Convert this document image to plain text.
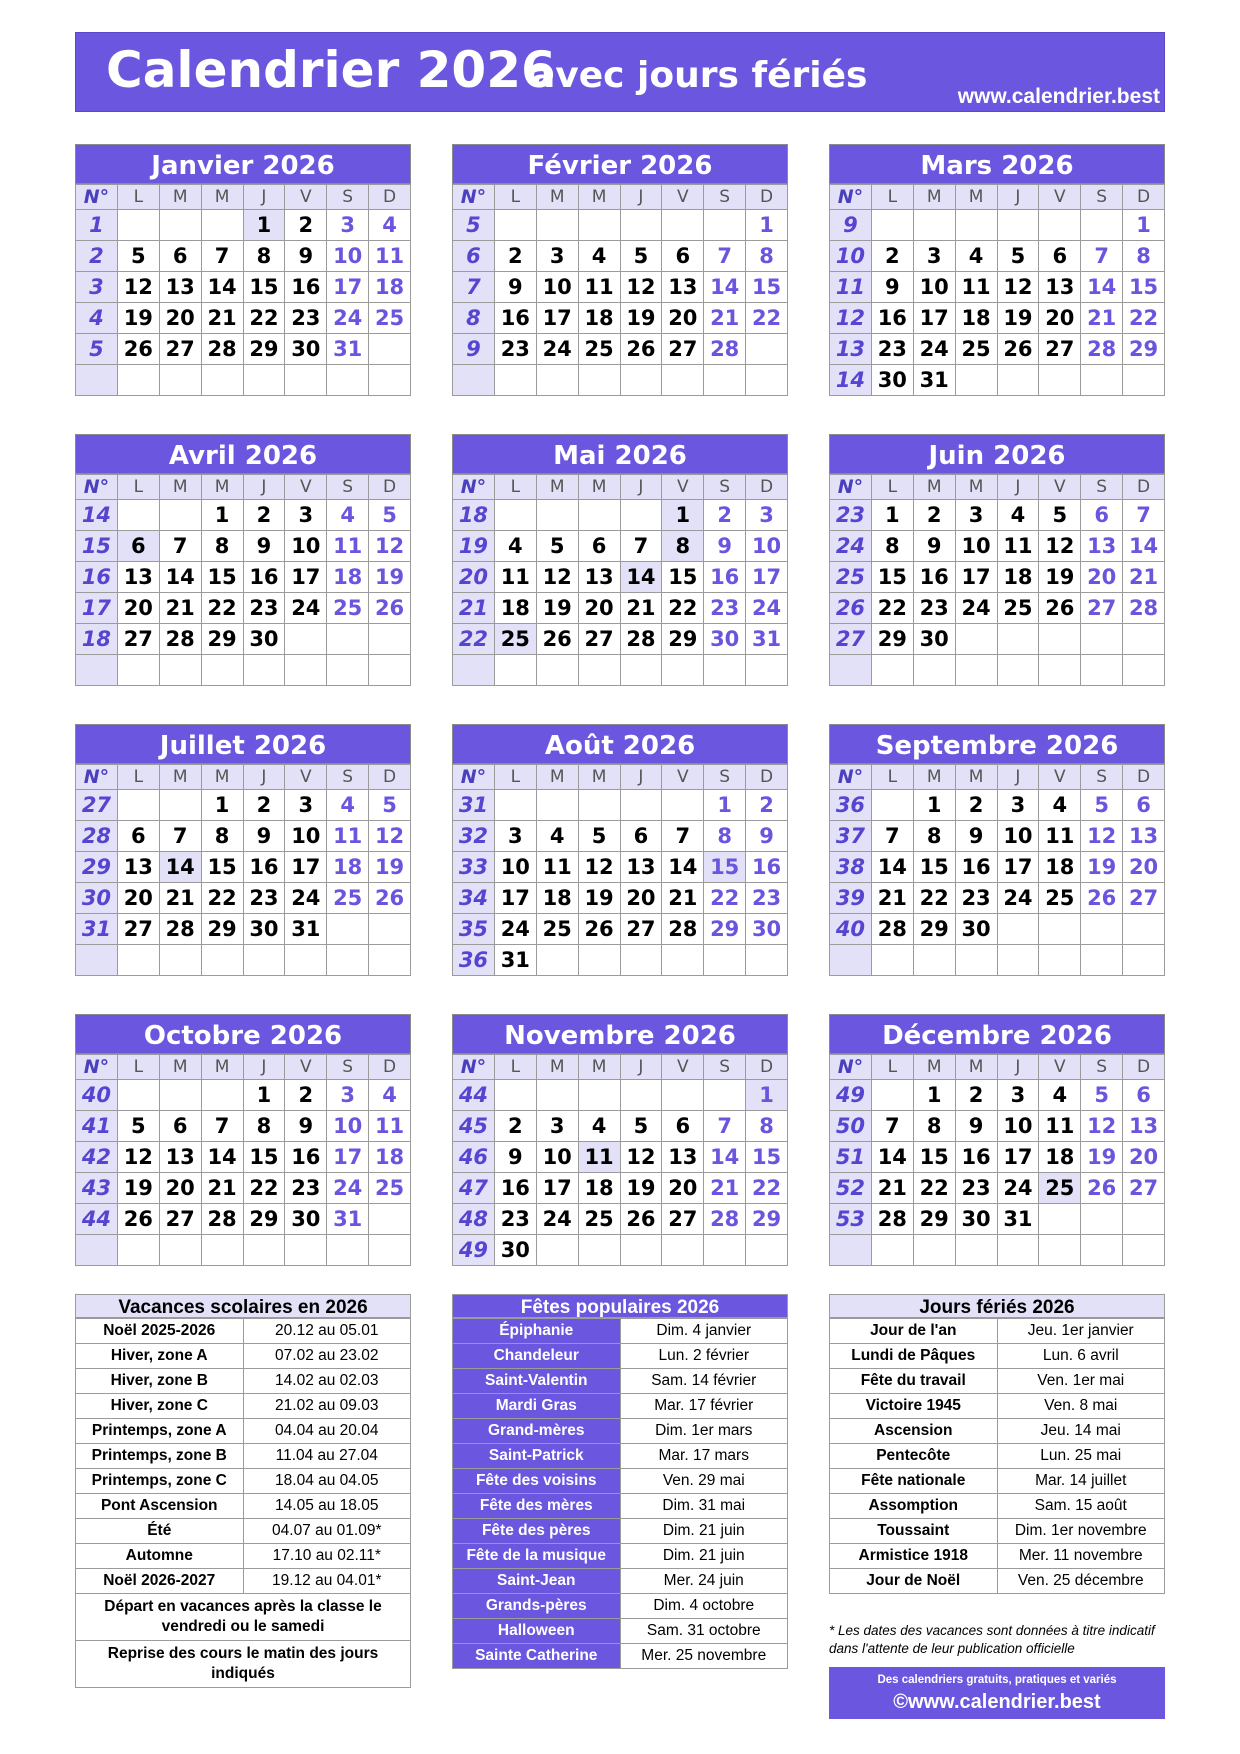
Calendrier 2026
avec jours fériés
www.calendrier.best
Janvier 2026
N°	L	M	M	J	V	S	D
1				1	2	3	4
2	5	6	7	8	9	10	11
3	12	13	14	15	16	17	18
4	19	20	21	22	23	24	25
5	26	27	28	29	30	31	

Février 2026
N°	L	M	M	J	V	S	D
5							1
6	2	3	4	5	6	7	8
7	9	10	11	12	13	14	15
8	16	17	18	19	20	21	22
9	23	24	25	26	27	28	

Mars 2026
N°	L	M	M	J	V	S	D
9							1
10	2	3	4	5	6	7	8
11	9	10	11	12	13	14	15
12	16	17	18	19	20	21	22
13	23	24	25	26	27	28	29
14	30	31					
Avril 2026
N°	L	M	M	J	V	S	D
14			1	2	3	4	5
15	6	7	8	9	10	11	12
16	13	14	15	16	17	18	19
17	20	21	22	23	24	25	26
18	27	28	29	30			

Mai 2026
N°	L	M	M	J	V	S	D
18					1	2	3
19	4	5	6	7	8	9	10
20	11	12	13	14	15	16	17
21	18	19	20	21	22	23	24
22	25	26	27	28	29	30	31

Juin 2026
N°	L	M	M	J	V	S	D
23	1	2	3	4	5	6	7
24	8	9	10	11	12	13	14
25	15	16	17	18	19	20	21
26	22	23	24	25	26	27	28
27	29	30					

Juillet 2026
N°	L	M	M	J	V	S	D
27			1	2	3	4	5
28	6	7	8	9	10	11	12
29	13	14	15	16	17	18	19
30	20	21	22	23	24	25	26
31	27	28	29	30	31		

Août 2026
N°	L	M	M	J	V	S	D
31						1	2
32	3	4	5	6	7	8	9
33	10	11	12	13	14	15	16
34	17	18	19	20	21	22	23
35	24	25	26	27	28	29	30
36	31						
Septembre 2026
N°	L	M	M	J	V	S	D
36		1	2	3	4	5	6
37	7	8	9	10	11	12	13
38	14	15	16	17	18	19	20
39	21	22	23	24	25	26	27
40	28	29	30				

Octobre 2026
N°	L	M	M	J	V	S	D
40				1	2	3	4
41	5	6	7	8	9	10	11
42	12	13	14	15	16	17	18
43	19	20	21	22	23	24	25
44	26	27	28	29	30	31	

Novembre 2026
N°	L	M	M	J	V	S	D
44							1
45	2	3	4	5	6	7	8
46	9	10	11	12	13	14	15
47	16	17	18	19	20	21	22
48	23	24	25	26	27	28	29
49	30						
Décembre 2026
N°	L	M	M	J	V	S	D
49		1	2	3	4	5	6
50	7	8	9	10	11	12	13
51	14	15	16	17	18	19	20
52	21	22	23	24	25	26	27
53	28	29	30	31			

Vacances scolaires en 2026
Noël 2025-2026	20.12 au 05.01
Hiver, zone A	07.02 au 23.02
Hiver, zone B	14.02 au 02.03
Hiver, zone C	21.02 au 09.03
Printemps, zone A	04.04 au 20.04
Printemps, zone B	11.04 au 27.04
Printemps, zone C	18.04 au 04.05
Pont Ascension	14.05 au 18.05
Été	04.07 au 01.09*
Automne	17.10 au 02.11*
Noël 2026-2027	19.12 au 04.01*
Départ en vacances après la classe le vendredi ou le samedi	
Reprise des cours le matin des jours indiqués	
Fêtes populaires 2026
Épiphanie	Dim. 4 janvier
Chandeleur	Lun. 2 février
Saint-Valentin	Sam. 14 février
Mardi Gras	Mar. 17 février
Grand-mères	Dim. 1er mars
Saint-Patrick	Mar. 17 mars
Fête des voisins	Ven. 29 mai
Fête des mères	Dim. 31 mai
Fête des pères	Dim. 21 juin
Fête de la musique	Dim. 21 juin
Saint-Jean	Mer. 24 juin
Grands-pères	Dim. 4 octobre
Halloween	Sam. 31 octobre
Sainte Catherine	Mer. 25 novembre
Jours fériés 2026
Jour de l'an	Jeu. 1er janvier
Lundi de Pâques	Lun. 6 avril
Fête du travail	Ven. 1er mai
Victoire 1945	Ven. 8 mai
Ascension	Jeu. 14 mai
Pentecôte	Lun. 25 mai
Fête nationale	Mar. 14 juillet
Assomption	Sam. 15 août
Toussaint	Dim. 1er novembre
Armistice 1918	Mer. 11 novembre
Jour de Noël	Ven. 25 décembre
* Les dates des vacances sont données à titre indicatif dans l'attente de leur publication officielle
Des calendriers gratuits, pratiques et variés
©www.calendrier.best
